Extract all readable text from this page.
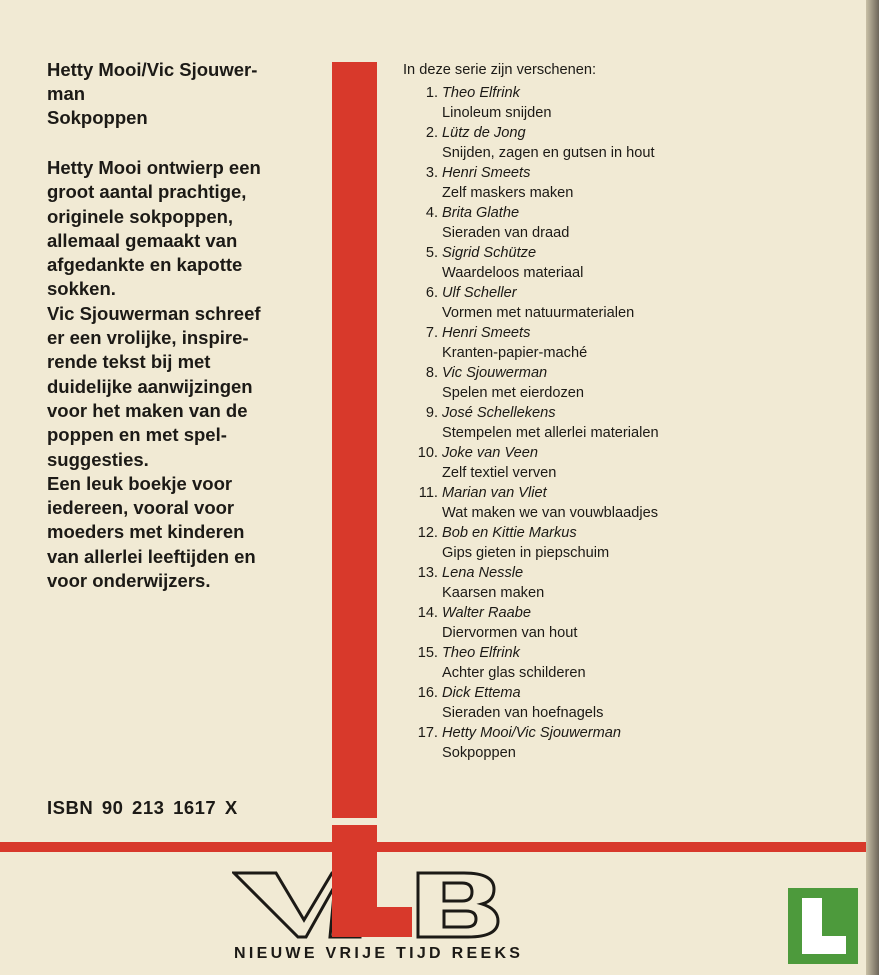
Hetty Mooi/Vic Sjouwer-
man
Sokpoppen
Hetty Mooi ontwierp een
groot aantal prachtige,
originele sokpoppen,
allemaal gemaakt van
afgedankte en kapotte
sokken.
Vic Sjouwerman schreef
er een vrolijke, inspire-
rende tekst bij met
duidelijke aanwijzingen
voor het maken van de
poppen en met spel-
suggesties.
Een leuk boekje voor
iedereen, vooral voor
moeders met kinderen
van allerlei leeftijden en
voor onderwijzers.
ISBN 90 213 1617 X
In deze serie zijn verschenen:
1. Theo Elfrink
Linoleum snijden
2. Lütz de Jong
Snijden, zagen en gutsen in hout
3. Henri Smeets
Zelf maskers maken
4. Brita Glathe
Sieraden van draad
5. Sigrid Schütze
Waardeloos materiaal
6. Ulf Scheller
Vormen met natuurmaterialen
7. Henri Smeets
Kranten-papier-maché
8. Vic Sjouwerman
Spelen met eierdozen
9. José Schellekens
Stempelen met allerlei materialen
10. Joke van Veen
Zelf textiel verven
11. Marian van Vliet
Wat maken we van vouwblaadjes
12. Bob en Kittie Markus
Gips gieten in piepschuim
13. Lena Nessle
Kaarsen maken
14. Walter Raabe
Diervormen van hout
15. Theo Elfrink
Achter glas schilderen
16. Dick Ettema
Sieraden van hoefnagels
17. Hetty Mooi/Vic Sjouwerman
Sokpoppen
NIEUWE VRIJE TIJD REEKS
